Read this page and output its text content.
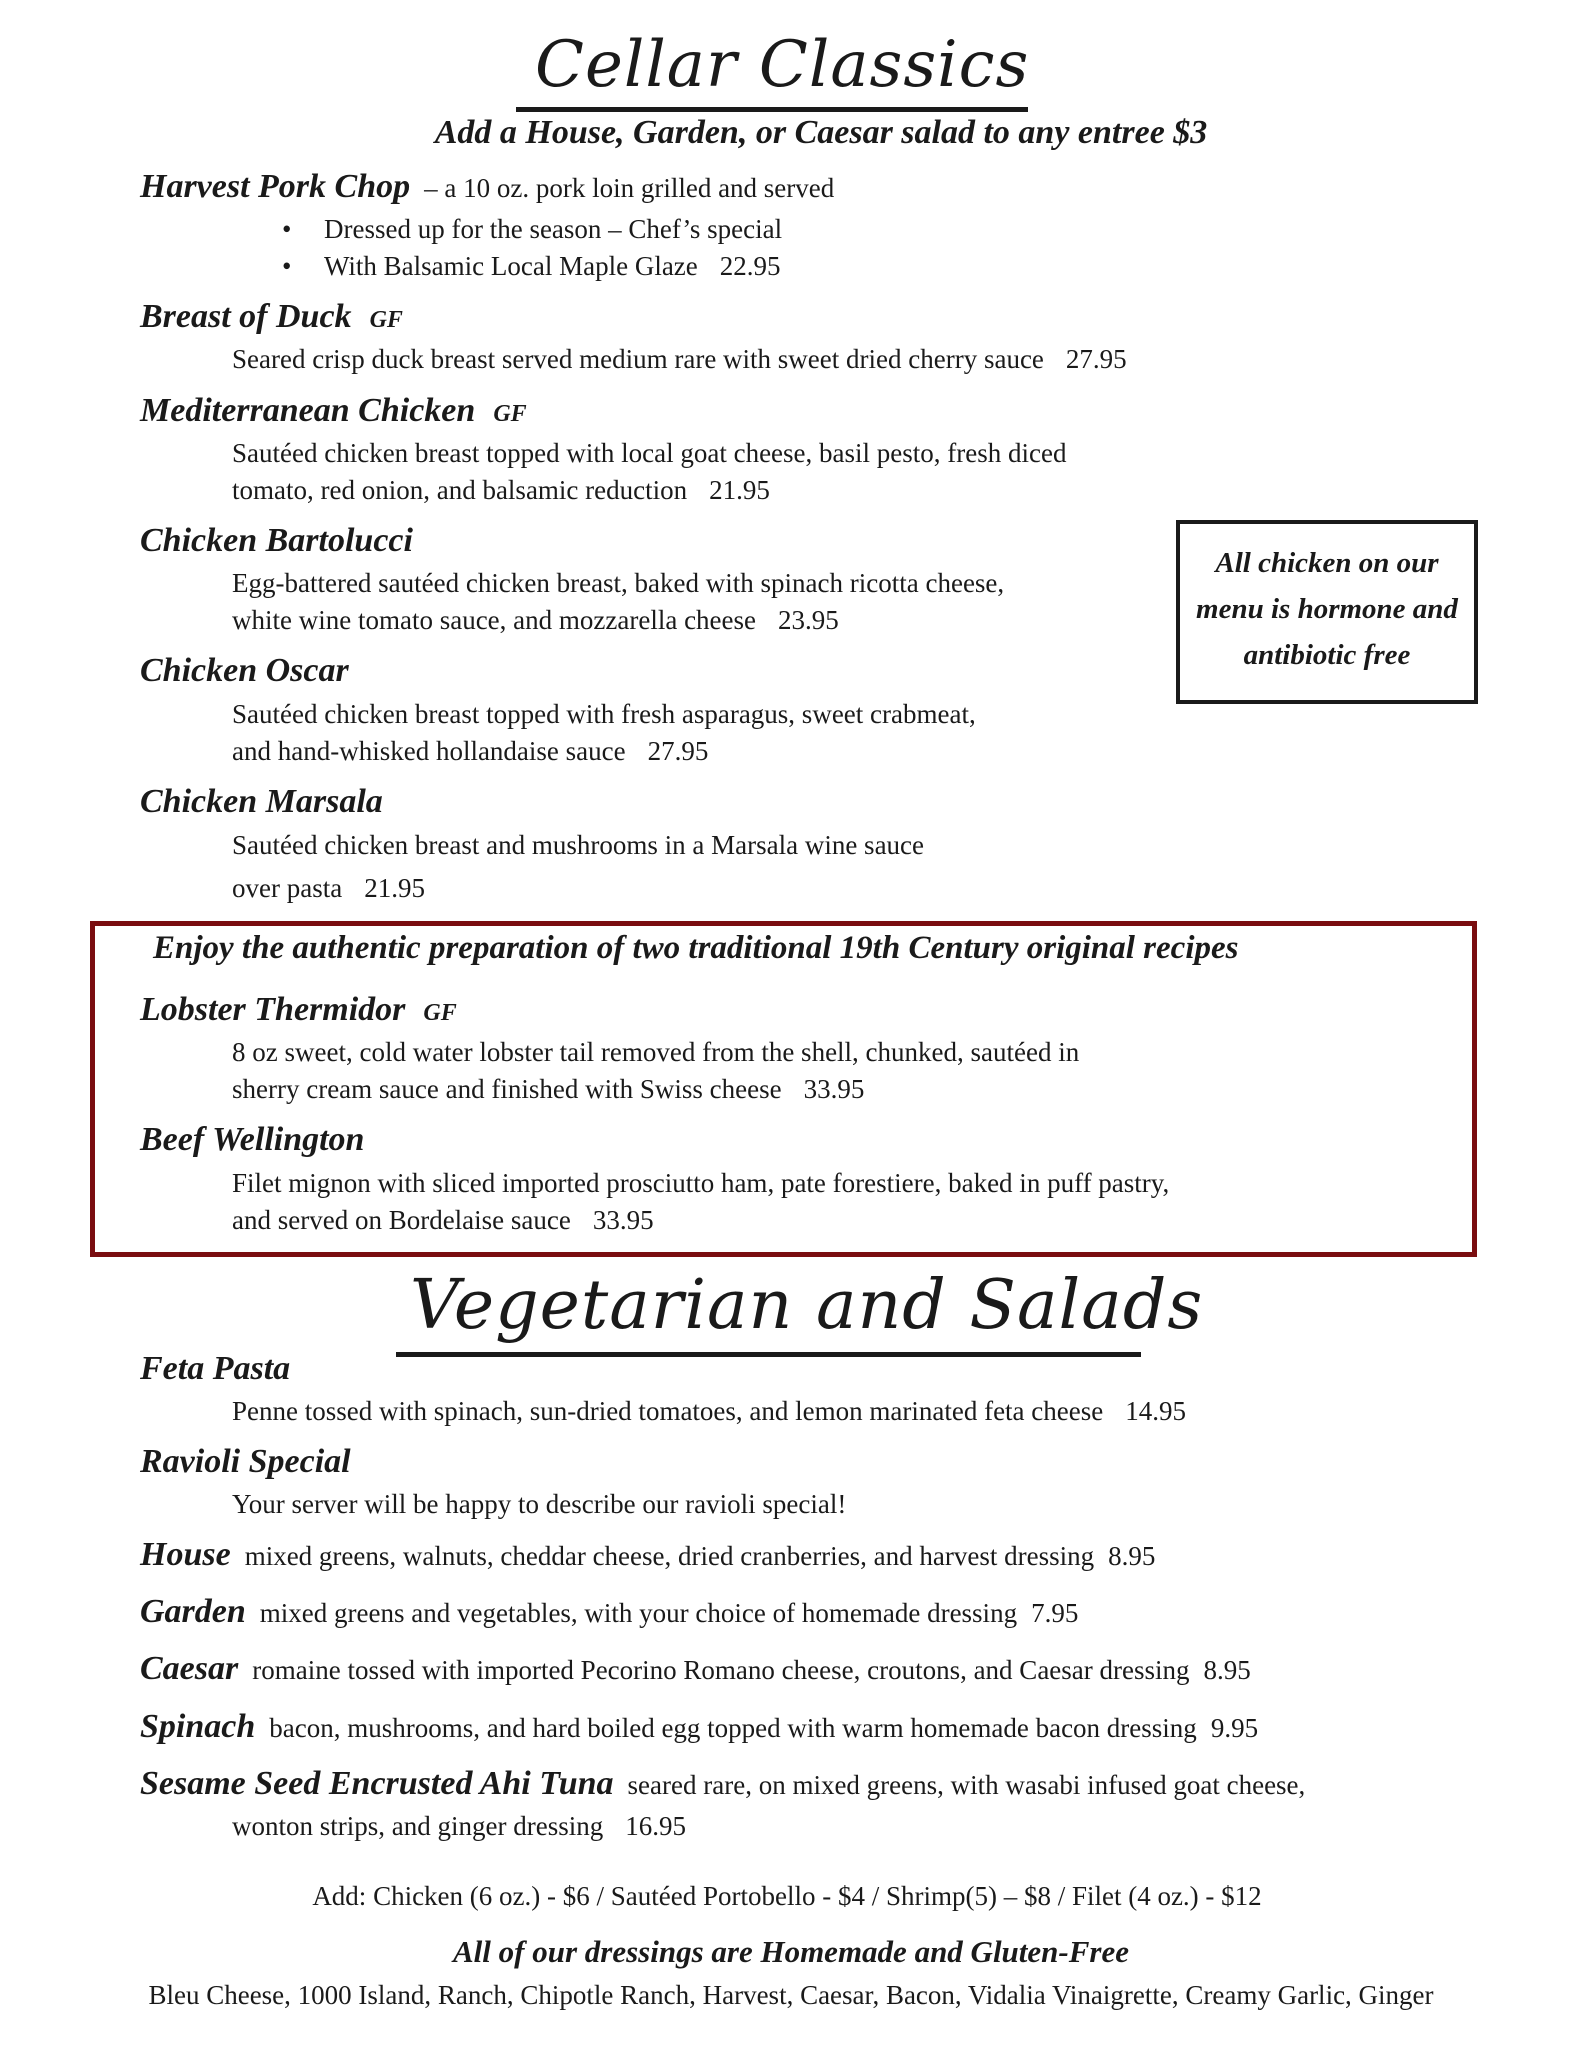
Cellar Classics
Add a House, Garden, or Caesar salad to any entree $3
Harvest Pork Chop – a 10 oz. pork loin grilled and served
• Dressed up for the season – Chef’s special
• With Balsamic Local Maple Glaze 22.95
Breast of Duck GF
Seared crisp duck breast served medium rare with sweet dried cherry sauce 27.95
Mediterranean Chicken GF
Sautéed chicken breast topped with local goat cheese, basil pesto, fresh diced
tomato, red onion, and balsamic reduction 21.95
Chicken Bartolucci
Egg-battered sautéed chicken breast, baked with spinach ricotta cheese,
white wine tomato sauce, and mozzarella cheese 23.95
All chicken on our menu is hormone and antibiotic free
Chicken Oscar
Sautéed chicken breast topped with fresh asparagus, sweet crabmeat,
and hand-whisked hollandaise sauce 27.95
Chicken Marsala
Sautéed chicken breast and mushrooms in a Marsala wine sauce
over pasta 21.95
Enjoy the authentic preparation of two traditional 19th Century original recipes
Lobster Thermidor GF
8 oz sweet, cold water lobster tail removed from the shell, chunked, sautéed in
sherry cream sauce and finished with Swiss cheese 33.95
Beef Wellington
Filet mignon with sliced imported prosciutto ham, pate forestiere, baked in puff pastry,
and served on Bordelaise sauce 33.95
Vegetarian and Salads
Feta Pasta
Penne tossed with spinach, sun-dried tomatoes, and lemon marinated feta cheese 14.95
Ravioli Special
Your server will be happy to describe our ravioli special!
House mixed greens, walnuts, cheddar cheese, dried cranberries, and harvest dressing 8.95
Garden mixed greens and vegetables, with your choice of homemade dressing 7.95
Caesar romaine tossed with imported Pecorino Romano cheese, croutons, and Caesar dressing 8.95
Spinach bacon, mushrooms, and hard boiled egg topped with warm homemade bacon dressing 9.95
Sesame Seed Encrusted Ahi Tuna seared rare, on mixed greens, with wasabi infused goat cheese,
wonton strips, and ginger dressing 16.95
Add: Chicken (6 oz.) - $6 / Sautéed Portobello - $4 / Shrimp(5) – $8 / Filet (4 oz.) - $12
All of our dressings are Homemade and Gluten-Free
Bleu Cheese, 1000 Island, Ranch, Chipotle Ranch, Harvest, Caesar, Bacon, Vidalia Vinaigrette, Creamy Garlic, Ginger
